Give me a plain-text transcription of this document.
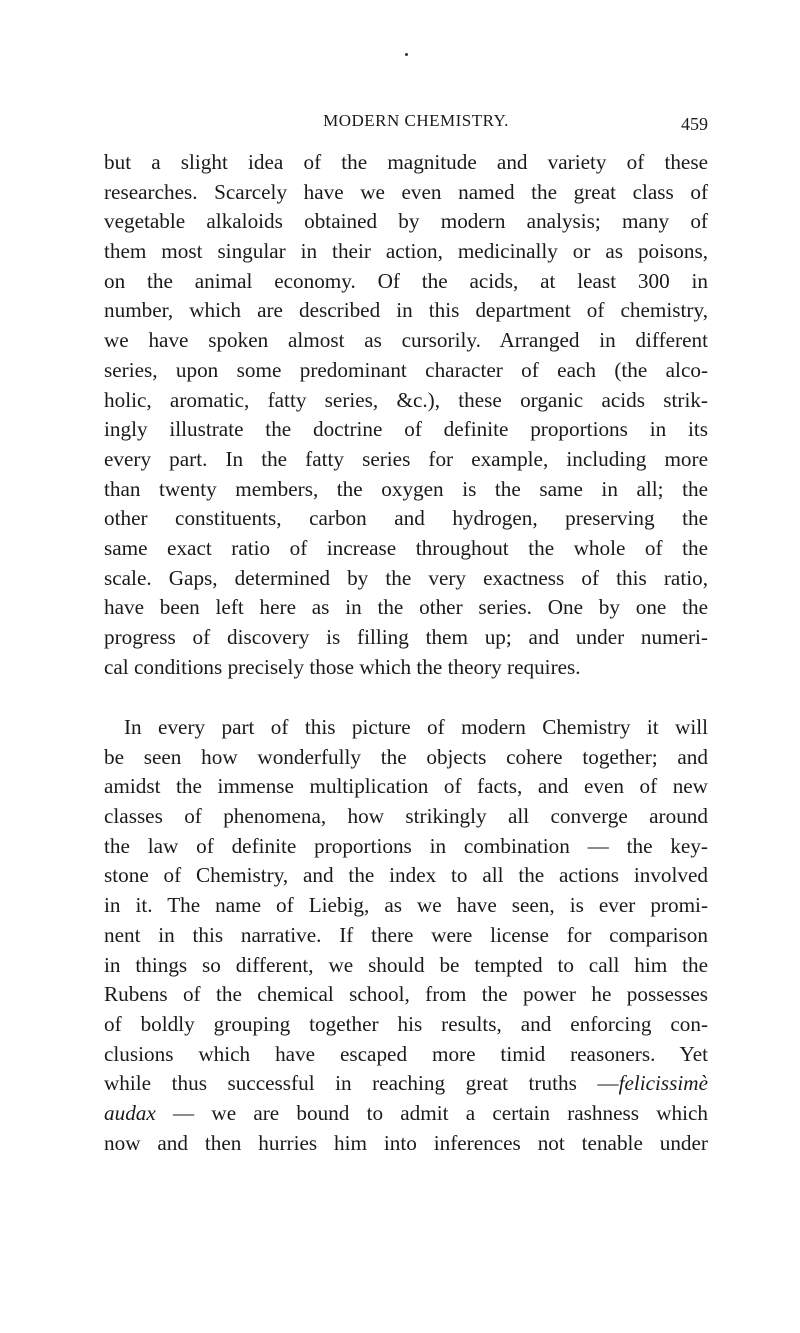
MODERN CHEMISTRY.	459
but a slight idea of the magnitude and variety of these
researches. Scarcely have we even named the great class of
vegetable alkaloids obtained by modern analysis; many of
them most singular in their action, medicinally or as poisons,
on the animal economy. Of the acids, at least 300 in
number, which are described in this department of chemistry,
we have spoken almost as cursorily. Arranged in different
series, upon some predominant character of each (the alco-
holic, aromatic, fatty series, &c.), these organic acids strik-
ingly illustrate the doctrine of definite proportions in its
every part. In the fatty series for example, including more
than twenty members, the oxygen is the same in all; the
other constituents, carbon and hydrogen, preserving the
same exact ratio of increase throughout the whole of the
scale. Gaps, determined by the very exactness of this ratio,
have been left here as in the other series. One by one the
progress of discovery is filling them up; and under numeri-
cal conditions precisely those which the theory requires.
In every part of this picture of modern Chemistry it will
be seen how wonderfully the objects cohere together; and
amidst the immense multiplication of facts, and even of new
classes of phenomena, how strikingly all converge around
the law of definite proportions in combination — the key-
stone of Chemistry, and the index to all the actions involved
in it. The name of Liebig, as we have seen, is ever promi-
nent in this narrative. If there were license for comparison
in things so different, we should be tempted to call him the
Rubens of the chemical school, from the power he possesses
of boldly grouping together his results, and enforcing con-
clusions which have escaped more timid reasoners. Yet
while thus successful in reaching great truths —felicissimè
audax — we are bound to admit a certain rashness which
now and then hurries him into inferences not tenable under
